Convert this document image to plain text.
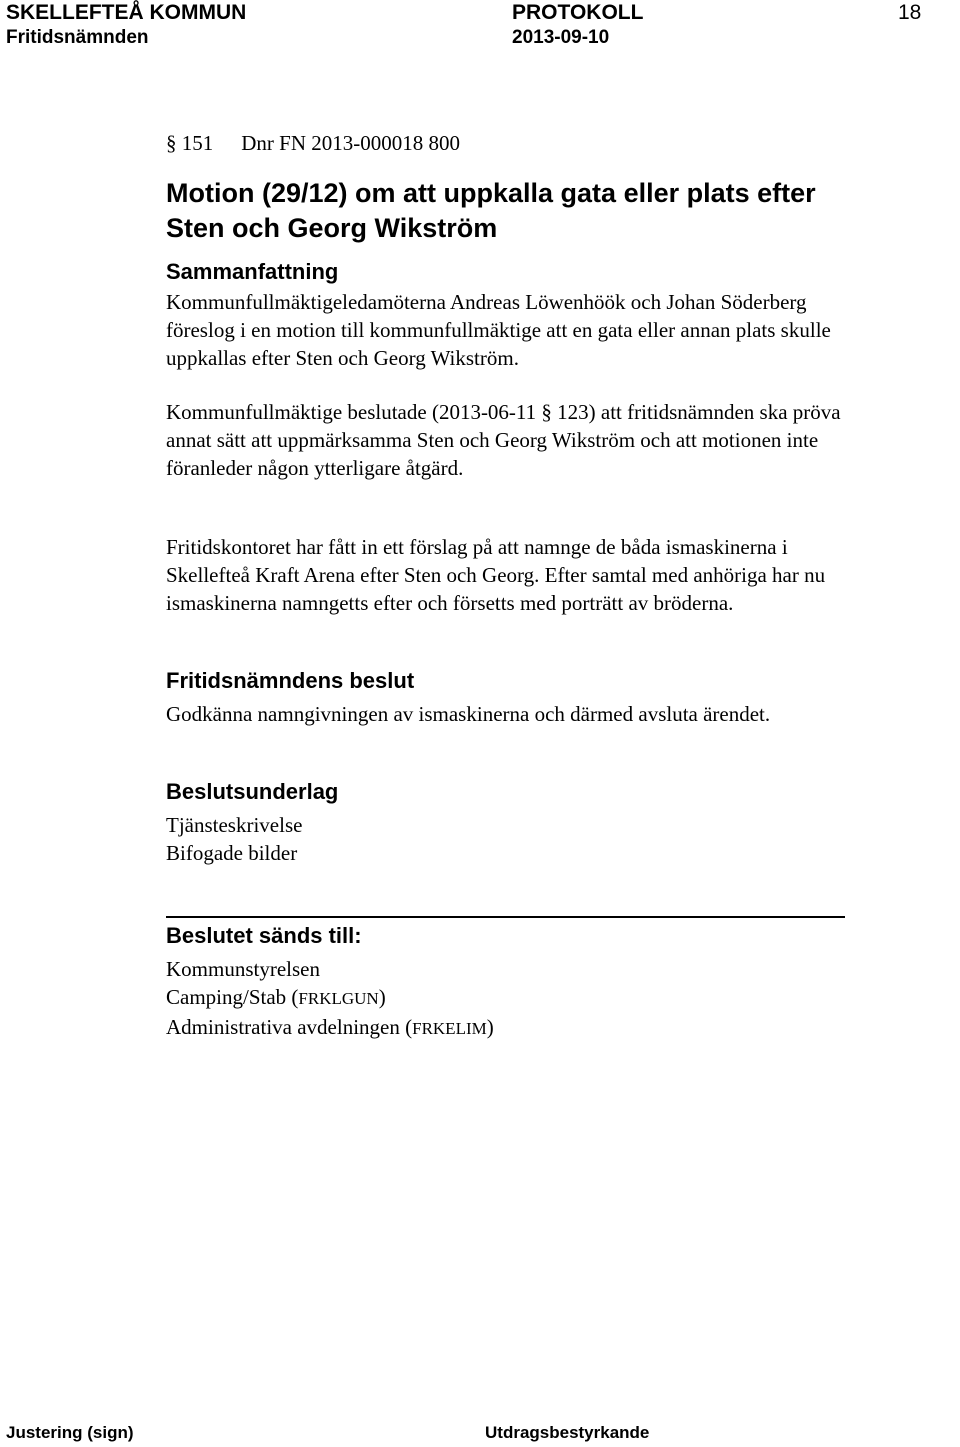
SKELLEFTEÅ KOMMUN	PROTOKOLL	18
Fritidsnämnden	2013-09-10
§ 151 Dnr FN 2013-000018 800
Motion (29/12) om att uppkalla gata eller plats efter Sten och Georg Wikström
Sammanfattning

Kommunfullmäktigeledamöterna Andreas Löwenhöök och Johan Söderberg föreslog i en motion till kommunfullmäktige att en gata eller annan plats skulle uppkallas efter Sten och Georg Wikström.

Kommunfullmäktige beslutade (2013-06-11 § 123) att fritidsnämnden ska pröva annat sätt att uppmärksamma Sten och Georg Wikström och att motionen inte föranleder någon ytterligare åtgärd.

Fritidskontoret har fått in ett förslag på att namnge de båda ismaskinerna i Skellefteå Kraft Arena efter Sten och Georg. Efter samtal med anhöriga har nu ismaskinerna namngetts efter och försetts med porträtt av bröderna.

Fritidsnämndens beslut

Godkänna namngivningen av ismaskinerna och därmed avsluta ärendet.

Beslutsunderlag
Tjänsteskrivelse
Bifogade bilder
Beslutet sänds till:
Kommunstyrelsen
Camping/Stab (FRKLGUN)
Administrativa avdelningen (FRKELIM)
Justering (sign)	Utdragsbestyrkande
